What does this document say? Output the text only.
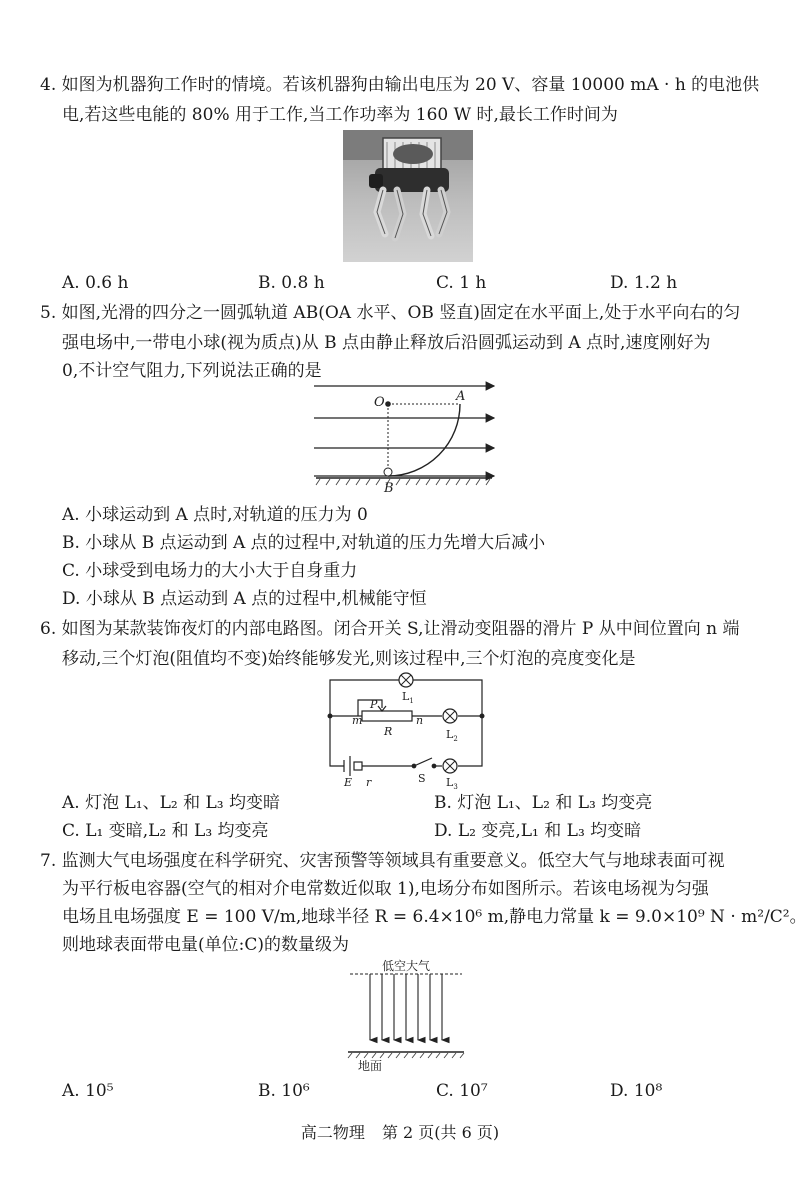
4. 如图为机器狗工作时的情境。若该机器狗由输出电压为 20 V、容量 10000 mA · h 的电池供
电,若这些电能的 80% 用于工作,当工作功率为 160 W 时,最长工作时间为
A. 0.6 h	B. 0.8 h	C. 1 h	D. 1.2 h
5. 如图,光滑的四分之一圆弧轨道 AB(OA 水平、OB 竖直)固定在水平面上,处于水平向右的匀
强电场中,一带电小球(视为质点)从 B 点由静止释放后沿圆弧运动到 A 点时,速度刚好为
0,不计空气阻力,下列说法正确的是
O	A
B
A. 小球运动到 A 点时,对轨道的压力为 0
B. 小球从 B 点运动到 A 点的过程中,对轨道的压力先增大后减小
C. 小球受到电场力的大小大于自身重力
D. 小球从 B 点运动到 A 点的过程中,机械能守恒
6. 如图为某款装饰夜灯的内部电路图。闭合开关 S,让滑动变阻器的滑片 P 从中间位置向 n 端
移动,三个灯泡(阻值均不变)始终能够发光,则该过程中,三个灯泡的亮度变化是
$L_1$
$L_2$
$L_3$
P
R
m	n
E r	S
A. 灯泡 L₁、L₂ 和 L₃ 均变暗	B. 灯泡 L₁、L₂ 和 L₃ 均变亮
C. L₁ 变暗,L₂ 和 L₃ 均变亮	D. L₂ 变亮,L₁ 和 L₃ 均变暗
7. 监测大气电场强度在科学研究、灾害预警等领域具有重要意义。低空大气与地球表面可视
为平行板电容器(空气的相对介电常数近似取 1),电场分布如图所示。若该电场视为匀强
电场且电场强度 E = 100 V/m,地球半径 R = 6.4×10⁶ m,静电力常量 k = 9.0×10⁹ N · m²/C²。
则地球表面带电量(单位:C)的数量级为
低空大气
地面
A. 10⁵	B. 10⁶	C. 10⁷	D. 10⁸
高二物理 第 2 页(共 6 页)
